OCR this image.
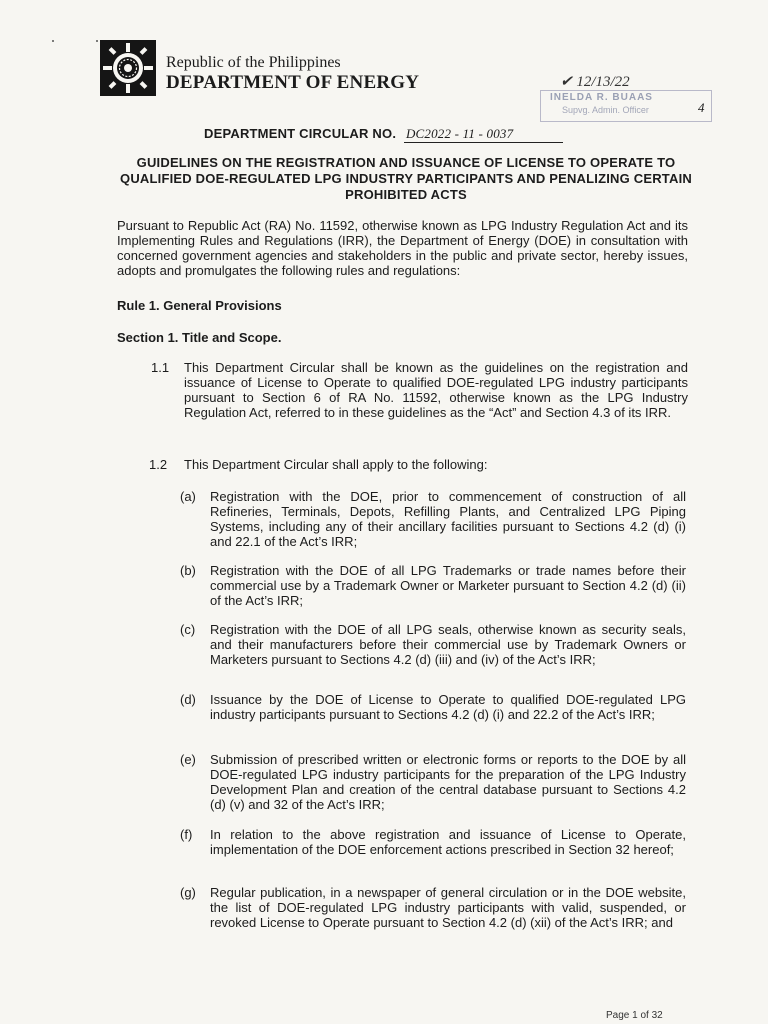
Republic of the Philippines
DEPARTMENT OF ENERGY	✔︎ 12/13/22
INELDA R. BUAAS
Supvg. Admin. Officer	4
DEPARTMENT CIRCULAR NO. DC2022 - 11 - 0037
GUIDELINES ON THE REGISTRATION AND ISSUANCE OF LICENSE TO OPERATE TO QUALIFIED DOE-REGULATED LPG INDUSTRY PARTICIPANTS AND PENALIZING CERTAIN PROHIBITED ACTS
Pursuant to Republic Act (RA) No. 11592, otherwise known as LPG Industry Regulation Act and its Implementing Rules and Regulations (IRR), the Department of Energy (DOE) in consultation with concerned government agencies and stakeholders in the public and private sector, hereby issues, adopts and promulgates the following rules and regulations:
Rule 1. General Provisions
Section 1. Title and Scope.
1.1 This Department Circular shall be known as the guidelines on the registration and issuance of License to Operate to qualified DOE-regulated LPG industry participants pursuant to Section 6 of RA No. 11592, otherwise known as the LPG Industry Regulation Act, referred to in these guidelines as the “Act” and Section 4.3 of its IRR.
1.2 This Department Circular shall apply to the following:
(a) Registration with the DOE, prior to commencement of construction of all Refineries, Terminals, Depots, Refilling Plants, and Centralized LPG Piping Systems, including any of their ancillary facilities pursuant to Sections 4.2 (d) (i) and 22.1 of the Act’s IRR;
(b) Registration with the DOE of all LPG Trademarks or trade names before their commercial use by a Trademark Owner or Marketer pursuant to Section 4.2 (d) (ii) of the Act’s IRR;
(c) Registration with the DOE of all LPG seals, otherwise known as security seals, and their manufacturers before their commercial use by Trademark Owners or Marketers pursuant to Sections 4.2 (d) (iii) and (iv) of the Act’s IRR;
(d) Issuance by the DOE of License to Operate to qualified DOE-regulated LPG industry participants pursuant to Sections 4.2 (d) (i) and 22.2 of the Act’s IRR;
(e) Submission of prescribed written or electronic forms or reports to the DOE by all DOE-regulated LPG industry participants for the preparation of the LPG Industry Development Plan and creation of the central database pursuant to Sections 4.2 (d) (v) and 32 of the Act’s IRR;
(f) In relation to the above registration and issuance of License to Operate, implementation of the DOE enforcement actions prescribed in Section 32 hereof;
(g) Regular publication, in a newspaper of general circulation or in the DOE website, the list of DOE-regulated LPG industry participants with valid, suspended, or revoked License to Operate pursuant to Section 4.2 (d) (xii) of the Act’s IRR; and
Page 1 of 32
